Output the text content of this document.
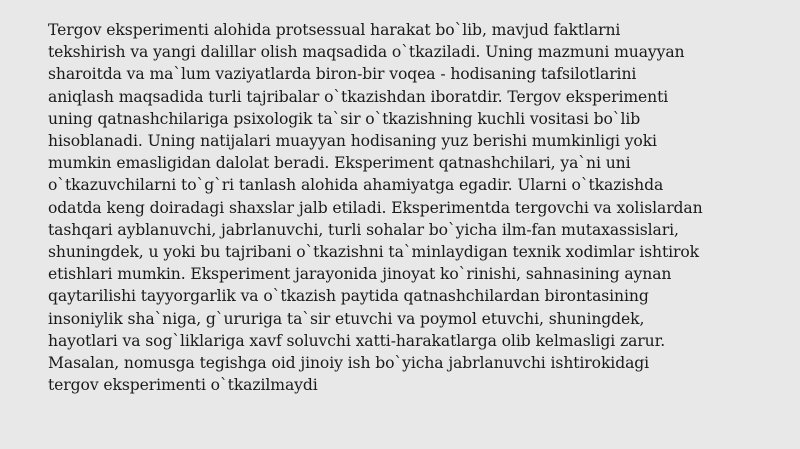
Tergov eksperimenti alohida protsessual harakat bo`lib, mavjud faktlarni
tekshirish va yangi dalillar olish maqsadida o`tkaziladi. Uning mazmuni muayyan
sharoitda va ma`lum vaziyatlarda biron-bir voqea - hodisaning tafsilotlarini
aniqlash maqsadida turli tajribalar o`tkazishdan iboratdir. Tergov eksperimenti
uning qatnashchilariga psixologik ta`sir o`tkazishning kuchli vositasi bo`lib
hisoblanadi. Uning natijalari muayyan hodisaning yuz berishi mumkinligi yoki
mumkin emasligidan dalolat beradi. Eksperiment qatnashchilari, ya`ni uni
o`tkazuvchilarni to`g`ri tanlash alohida ahamiyatga egadir. Ularni o`tkazishda
odatda keng doiradagi shaxslar jalb etiladi. Eksperimentda tergovchi va xolislardan
tashqari ayblanuvchi, jabrlanuvchi, turli sohalar bo`yicha ilm-fan mutaxassislari,
shuningdek, u yoki bu tajribani o`tkazishni ta`minlaydigan texnik xodimlar ishtirok
etishlari mumkin. Eksperiment jarayonida jinoyat ko`rinishi, sahnasining aynan
qaytarilishi tayyorgarlik va o`tkazish paytida qatnashchilardan birontasining
insoniylik sha`niga, g`ururiga ta`sir etuvchi va poymol etuvchi, shuningdek,
hayotlari va sog`liklariga xavf soluvchi xatti-harakatlarga olib kelmasligi zarur.
Masalan, nomusga tegishga oid jinoiy ish bo`yicha jabrlanuvchi ishtirokidagi
tergov eksperimenti o`tkazilmaydi
